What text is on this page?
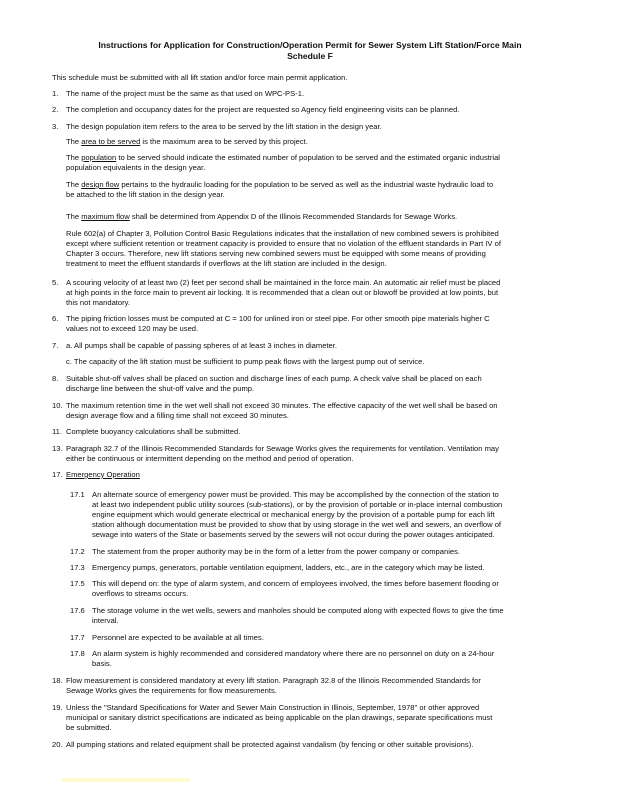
Instructions for Application for Construction/Operation Permit for Sewer System Lift Station/Force Main
Schedule F
This schedule must be submitted with all lift station and/or force main permit application.
1. The name of the project must be the same as that used on WPC-PS-1.
2. The completion and occupancy dates for the project are requested so Agency field engineering visits can be planned.
3. The design population item refers to the area to be served by the lift station in the design year.
The area to be served is the maximum area to be served by this project.
The population to be served should indicate the estimated number of population to be served and the estimated organic industrial
population equivalents in the design year.
The design flow pertains to the hydraulic loading for the population to be served as well as the industrial waste hydraulic load to
be attached to the lift station in the design year.
The maximum flow shall be determined from Appendix D of the Illinois Recommended Standards for Sewage Works.
Rule 602(a) of Chapter 3, Pollution Control Basic Regulations indicates that the installation of new combined sewers is prohibited
except where sufficient retention or treatment capacity is provided to ensure that no violation of the effluent standards in Part IV of
Chapter 3 occurs. Therefore, new lift stations serving new combined sewers must be equipped with some means of providing
treatment to meet the effluent standards if overflows at the lift station are included in the design.
5. A scouring velocity of at least two (2) feet per second shall be maintained in the force main. An automatic air relief must be placed
at high points in the force main to prevent air locking. It is recommended that a clean out or blowoff be provided at low points, but
this not mandatory.
6. The piping friction losses must be computed at C = 100 for unlined iron or steel pipe. For other smooth pipe materials higher C
values not to exceed 120 may be used.
7. a. All pumps shall be capable of passing spheres of at least 3 inches in diameter.
c. The capacity of the lift station must be sufficient to pump peak flows with the largest pump out of service.
8. Suitable shut-off valves shall be placed on suction and discharge lines of each pump. A check valve shall be placed on each
discharge line between the shut-off valve and the pump.
10. The maximum retention time in the wet well shall not exceed 30 minutes. The effective capacity of the wet well shall be based on
design average flow and a filling time shall not exceed 30 minutes.
11. Complete buoyancy calculations shall be submitted.
13. Paragraph 32.7 of the Illinois Recommended Standards for Sewage Works gives the requirements for ventilation. Ventilation may
either be continuous or intermittent depending on the method and period of operation.
17. Emergency Operation
17.1 An alternate source of emergency power must be provided. This may be accomplished by the connection of the station to
at least two independent public utility sources (sub-stations), or by the provision of portable or in-place internal combustion
engine equipment which would generate electrical or mechanical energy by the provision of a portable pump for each lift
station although documentation must be provided to show that by using storage in the wet well and sewers, an overflow of
sewage into waters of the State or basements served by the sewers will not occur during the power outages anticipated.
17.2 The statement from the proper authority may be in the form of a letter from the power company or companies.
17.3 Emergency pumps, generators, portable ventilation equipment, ladders, etc., are in the category which may be listed.
17.5 This will depend on: the type of alarm system, and concern of employees involved, the times before basement flooding or
overflows to streams occurs.
17.6 The storage volume in the wet wells, sewers and manholes should be computed along with expected flows to give the time
interval.
17.7 Personnel are expected to be available at all times.
17.8 An alarm system is highly recommended and considered mandatory where there are no personnel on duty on a 24-hour
basis.
18. Flow measurement is considered mandatory at every lift station. Paragraph 32.8 of the Illinois Recommended Standards for
Sewage Works gives the requirements for flow measurements.
19. Unless the "Standard Specifications for Water and Sewer Main Construction in Illinois, September, 1978" or other approved
municipal or sanitary district specifications are indicated as being applicable on the plan drawings, separate specifications must
be submitted.
20. All pumping stations and related equipment shall be protected against vandalism (by fencing or other suitable provisions).
